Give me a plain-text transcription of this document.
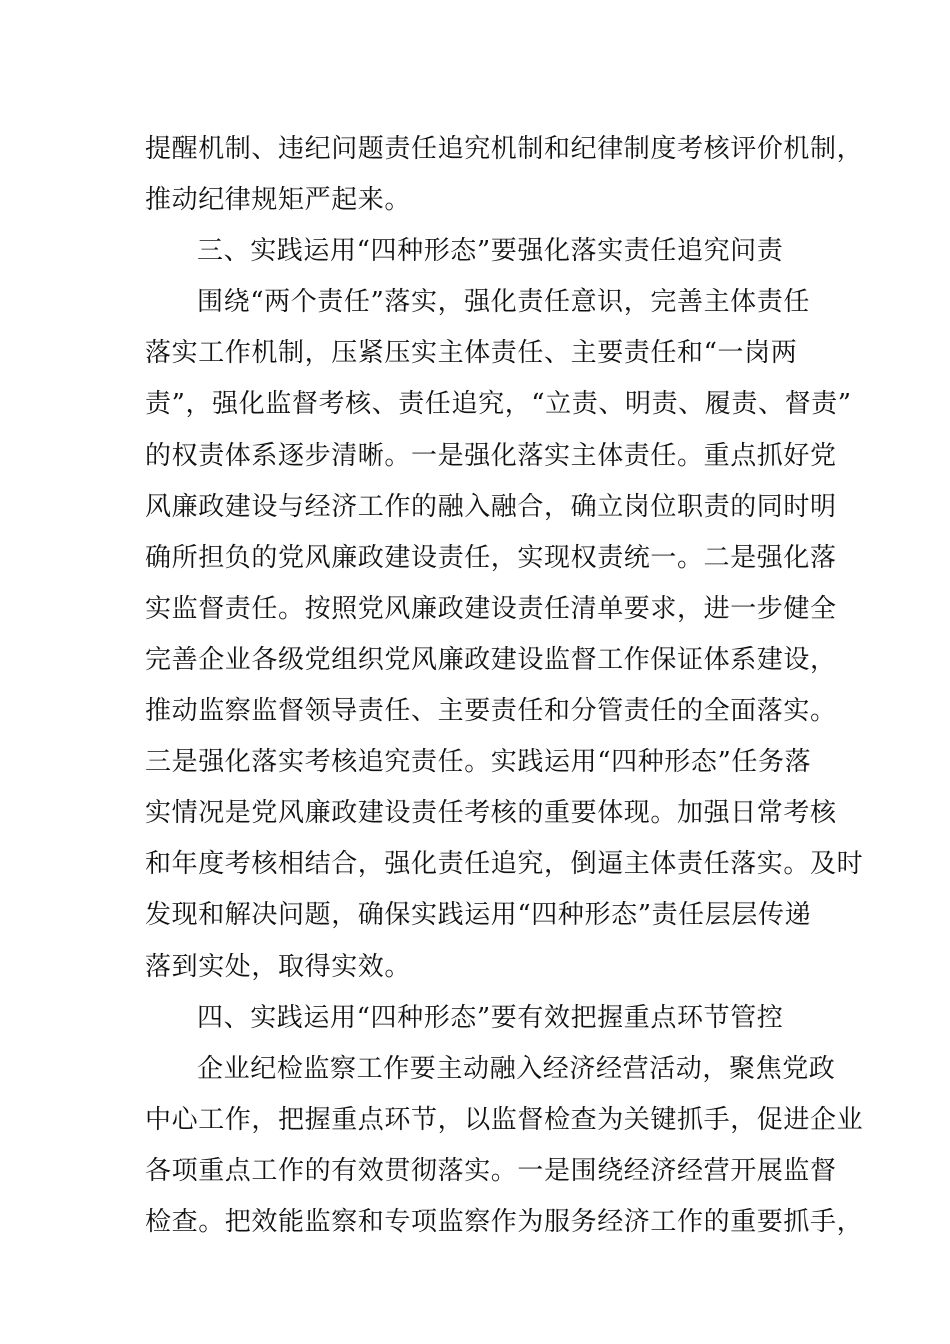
提醒机制、违纪问题责任追究机制和纪律制度考核评价机制，
推动纪律规矩严起来。
三、实践运用“四种形态”要强化落实责任追究问责
围绕“两个责任”落实，强化责任意识，完善主体责任
落实工作机制，压紧压实主体责任、主要责任和“一岗两
责”，强化监督考核、责任追究，“立责、明责、履责、督责”
的权责体系逐步清晰。一是强化落实主体责任。重点抓好党
风廉政建设与经济工作的融入融合，确立岗位职责的同时明
确所担负的党风廉政建设责任，实现权责统一。二是强化落
实监督责任。按照党风廉政建设责任清单要求，进一步健全
完善企业各级党组织党风廉政建设监督工作保证体系建设，
推动监察监督领导责任、主要责任和分管责任的全面落实。
三是强化落实考核追究责任。实践运用“四种形态”任务落
实情况是党风廉政建设责任考核的重要体现。加强日常考核
和年度考核相结合，强化责任追究，倒逼主体责任落实。及时
发现和解决问题，确保实践运用“四种形态”责任层层传递
落到实处，取得实效。
四、实践运用“四种形态”要有效把握重点环节管控
企业纪检监察工作要主动融入经济经营活动，聚焦党政
中心工作，把握重点环节，以监督检查为关键抓手，促进企业
各项重点工作的有效贯彻落实。一是围绕经济经营开展监督
检查。把效能监察和专项监察作为服务经济工作的重要抓手，
